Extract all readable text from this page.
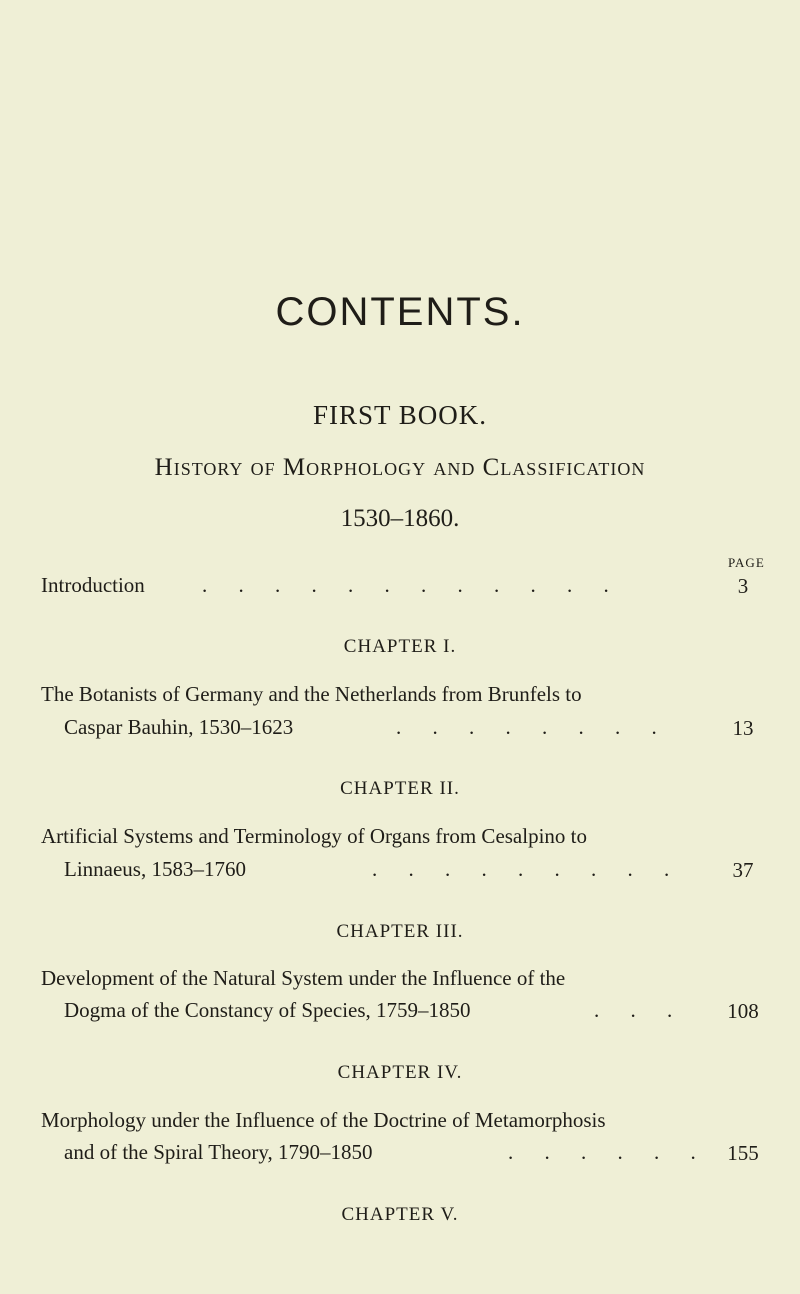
CONTENTS.
FIRST BOOK.
History of Morphology and Classification
1530–1860.
PAGE
Introduction	. . . . . . . . . . . .	3
CHAPTER I.
The Botanists of Germany and the Netherlands from Brunfels to
Caspar Bauhin, 1530–1623	. . . . . . . .	13
CHAPTER II.
Artificial Systems and Terminology of Organs from Cesalpino to
Linnaeus, 1583–1760	. . . . . . . . .	37
CHAPTER III.
Development of the Natural System under the Influence of the
Dogma of the Constancy of Species, 1759–1850	. . .	108
CHAPTER IV.
Morphology under the Influence of the Doctrine of Metamorphosis
and of the Spiral Theory, 1790–1850	. . . . . . 155
CHAPTER V.
